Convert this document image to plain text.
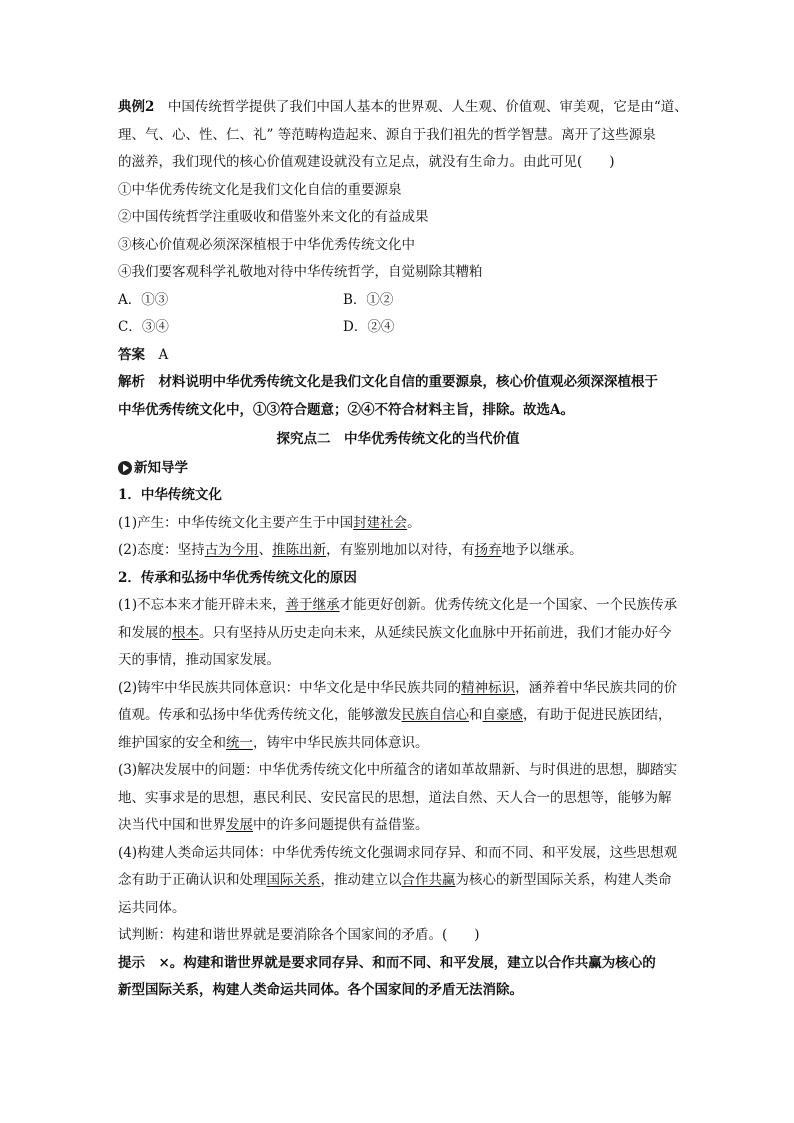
典例2　 中国传统哲学提供了我们中国人基本的世界观、人生观、价值观、审美观，它是由“道、
理、气、心、性、仁、礼” 等范畴构造起来、源自于我们祖先的哲学智慧。离开了这些源泉
的滋养，我们现代的核心价值观建设就没有立足点，就没有生命力。由此可见(　　)
①中华优秀传统文化是我们文化自信的重要源泉
②中国传统哲学注重吸收和借鉴外来文化的有益成果
③核心价值观必须深深植根于中华优秀传统文化中
④我们要客观科学礼敬地对待中华传统哲学，自觉剔除其糟粕
A．①③	B．①②
C．③④	D．②④
答案　 A
解析　 材料说明中华优秀传统文化是我们文化自信的重要源泉，核心价值观必须深深植根于
中华优秀传统文化中，①③符合题意；②④不符合材料主旨，排除。故选A。
探究点二　中华优秀传统文化的当代价值
新知导学
1．中华传统文化
(1)产生：中华传统文化主要产生于中国封建社会。
(2)态度：坚持古为今用、推陈出新，有鉴别地加以对待，有扬弃地予以继承。
2．传承和弘扬中华优秀传统文化的原因
(1)不忘本来才能开辟未来，善于继承才能更好创新。优秀传统文化是一个国家、一个民族传承和发展的根本。只有坚持从历史走向未来，从延续民族文化血脉中开拓前进，我们才能办好今天的事情，推动国家发展。
(2)铸牢中华民族共同体意识：中华文化是中华民族共同的精神标识，涵养着中华民族共同的价值观。传承和弘扬中华优秀传统文化，能够激发民族自信心和自豪感，有助于促进民族团结，维护国家的安全和统一，铸牢中华民族共同体意识。
(3)解决发展中的问题：中华优秀传统文化中所蕴含的诸如革故鼎新、与时俱进的思想，脚踏实地、实事求是的思想，惠民利民、安民富民的思想，道法自然、天人合一的思想等，能够为解决当代中国和世界发展中的许多问题提供有益借鉴。
(4)构建人类命运共同体：中华优秀传统文化强调求同存异、和而不同、和平发展，这些思想观念有助于正确认识和处理国际关系，推动建立以合作共赢为核心的新型国际关系，构建人类命运共同体。
试判断：构建和谐世界就是要消除各个国家间的矛盾。(　　)
提示　 ×。构建和谐世界就是要求同存异、和而不同、和平发展，建立以合作共赢为核心的
新型国际关系，构建人类命运共同体。各个国家间的矛盾无法消除。
